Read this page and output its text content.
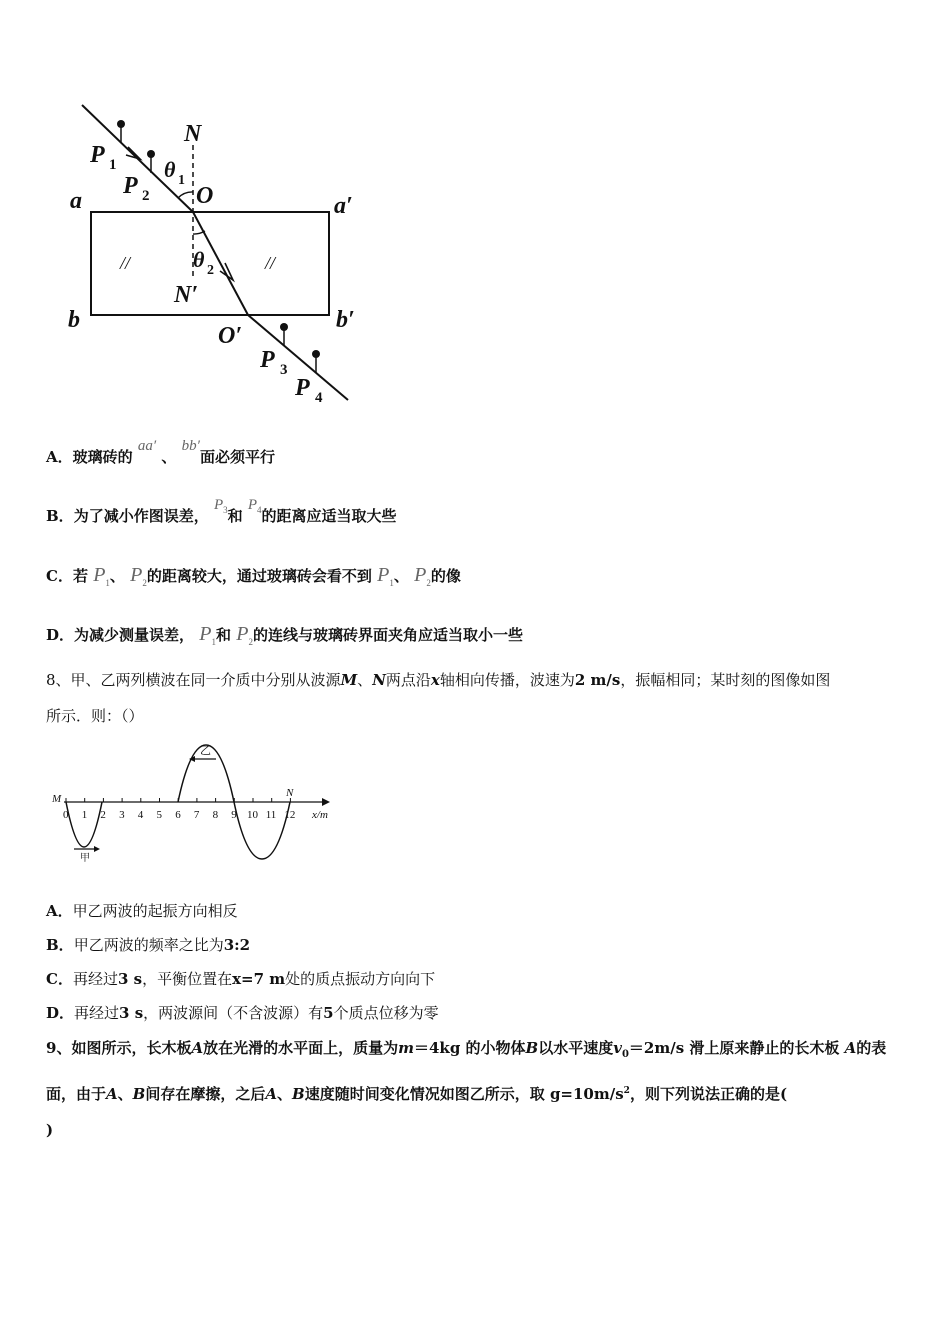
//	//
N
P 1
P 2
θ 1
O
a	a′
b	b′
θ 2
N′
O′
P 3
P 4
A．玻璃砖的 aa′ 、 bb′面必须平行
B．为了减小作图误差， $P_3$和 $P_4$的距离应适当取大些
C．若 $P_1$、 $P_2$的距离较大，通过玻璃砖会看不到 $P_1$、 $P_2$的像
D．为减少测量误差， $P_1$和 $P_2$的连线与玻璃砖界面夹角应适当取小一些
8、甲、乙两列横波在同一介质中分别从波源M、N两点沿x轴相向传播，波速为2 m/s，振幅相同；某时刻的图像如图
所示．则：（）
0 1 2 3 4 5 6 7 8 9 10 11 12
乙
甲
M	N
x/m
A．甲乙两波的起振方向相反
B．甲乙两波的频率之比为3:2
C．再经过3 s，平衡位置在x=7 m处的质点振动方向向下
D．再经过3 s，两波源间（不含波源）有5个质点位移为零
9、如图所示，长木板A放在光滑的水平面上，质量为m＝4kg 的小物体B以水平速度$v_0=2m/s$ 滑上原来静止的长木板 A的表面，由于A、B间存在摩擦，之后A、B速度随时间变化情况如图乙所示，取 $g=10m/s^2$，则下列说法正确的是(
)
